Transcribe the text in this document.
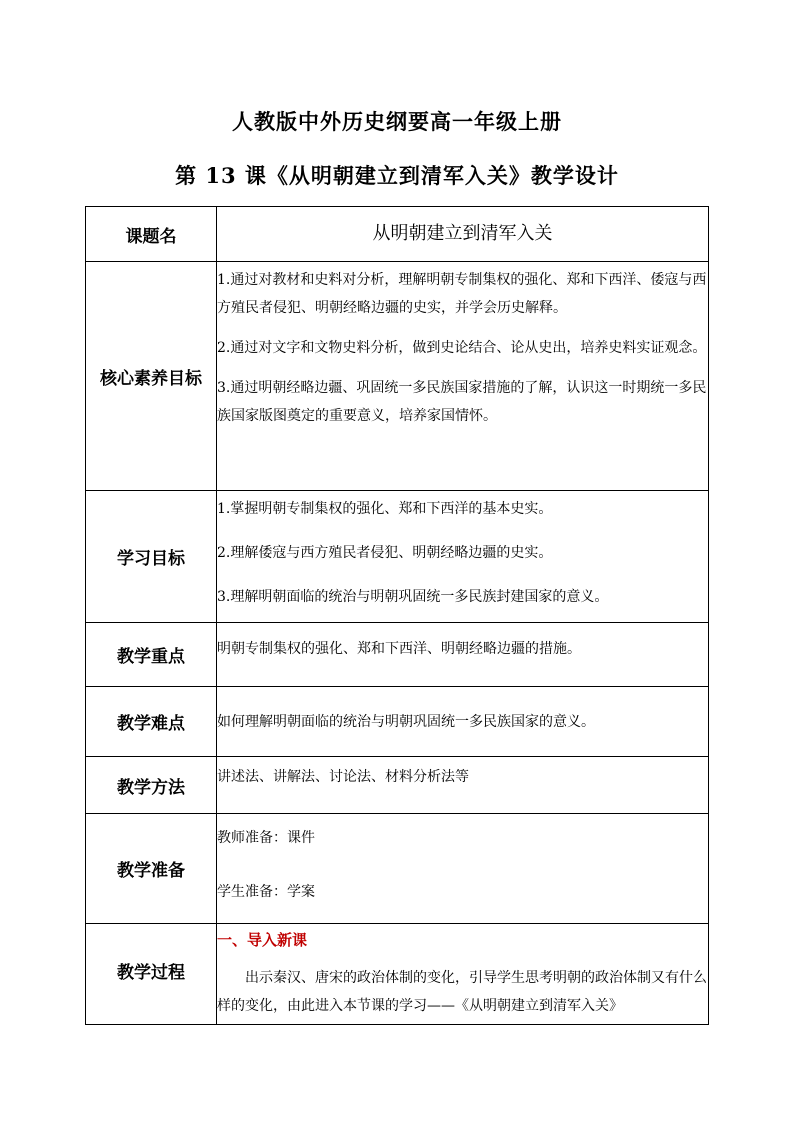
人教版中外历史纲要高一年级上册
第 13 课《从明朝建立到清军入关》教学设计
课题名	从明朝建立到清军入关

核心素养目标	1.通过对教材和史料对分析，理解明朝专制集权的强化、郑和下西洋、倭寇与西方殖民者侵犯、明朝经略边疆的史实，并学会历史解释。

2.通过对文字和文物史料分析，做到史论结合、论从史出，培养史料实证观念。

3.通过明朝经略边疆、巩固统一多民族国家措施的了解，认识这一时期统一多民族国家版图奠定的重要意义，培养家国情怀。

学习目标	1.掌握明朝专制集权的强化、郑和下西洋的基本史实。

2.理解倭寇与西方殖民者侵犯、明朝经略边疆的史实。

3.理解明朝面临的统治与明朝巩固统一多民族封建国家的意义。

教学重点	明朝专制集权的强化、郑和下西洋、明朝经略边疆的措施。

教学难点	如何理解明朝面临的统治与明朝巩固统一多民族国家的意义。

教学方法	讲述法、讲解法、讨论法、材料分析法等

教学准备	教师准备：课件

学生准备：学案

教学过程	一、导入新课

出示秦汉、唐宋的政治体制的变化，引导学生思考明朝的政治体制又有什么样的变化，由此进入本节课的学习——《从明朝建立到清军入关》
